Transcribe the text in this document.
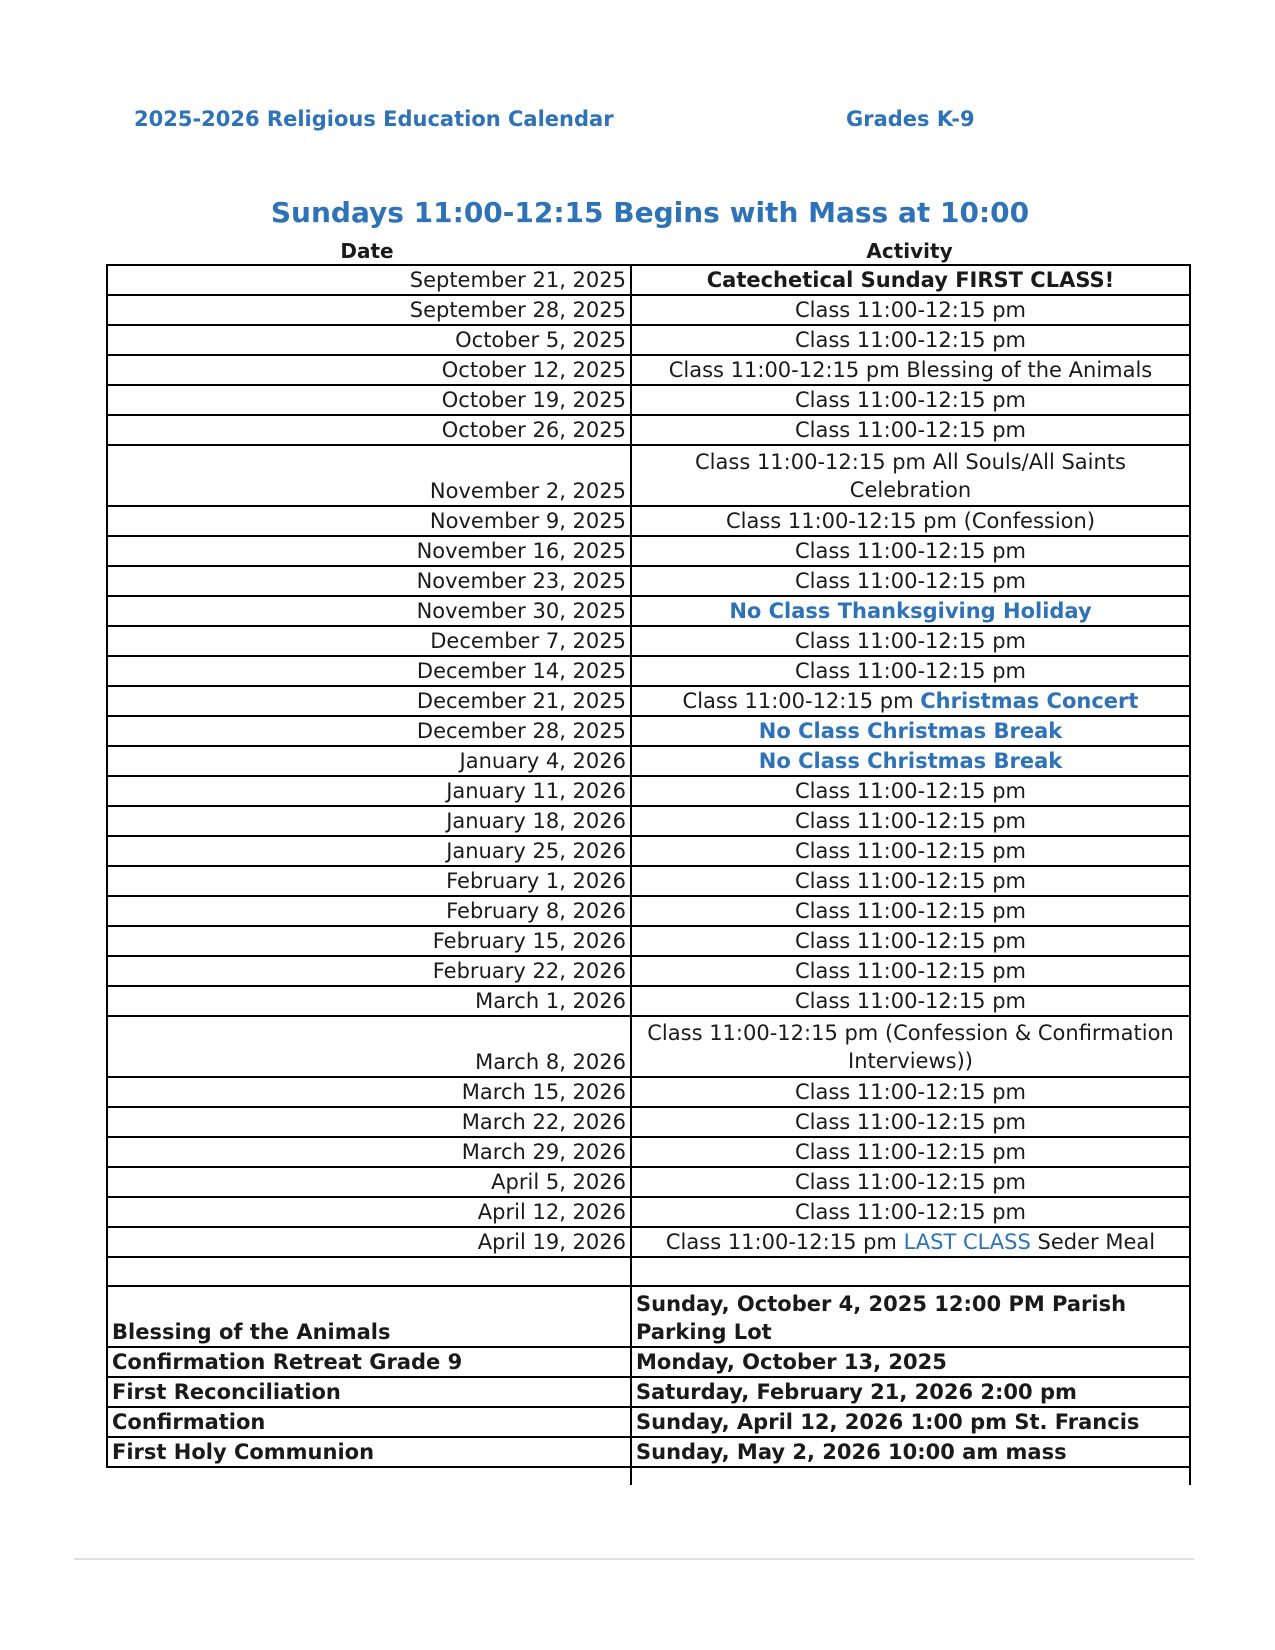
2025-2026 Religious Education Calendar	Grades K-9
Sundays 11:00-12:15 Begins with Mass at 10:00
Date	Activity
September 21, 2025	Catechetical Sunday FIRST CLASS!
September 28, 2025	Class 11:00-12:15 pm
October 5, 2025	Class 11:00-12:15 pm
October 12, 2025	Class 11:00-12:15 pm Blessing of the Animals
October 19, 2025	Class 11:00-12:15 pm
October 26, 2025	Class 11:00-12:15 pm
November 2, 2025	Class 11:00-12:15 pm All Souls/All Saints Celebration
November 9, 2025	Class 11:00-12:15 pm (Confession)
November 16, 2025	Class 11:00-12:15 pm
November 23, 2025	Class 11:00-12:15 pm
November 30, 2025	No Class Thanksgiving Holiday
December 7, 2025	Class 11:00-12:15 pm
December 14, 2025	Class 11:00-12:15 pm
December 21, 2025	Class 11:00-12:15 pm Christmas Concert
December 28, 2025	No Class Christmas Break
January 4, 2026	No Class Christmas Break
January 11, 2026	Class 11:00-12:15 pm
January 18, 2026	Class 11:00-12:15 pm
January 25, 2026	Class 11:00-12:15 pm
February 1, 2026	Class 11:00-12:15 pm
February 8, 2026	Class 11:00-12:15 pm
February 15, 2026	Class 11:00-12:15 pm
February 22, 2026	Class 11:00-12:15 pm
March 1, 2026	Class 11:00-12:15 pm
March 8, 2026	Class 11:00-12:15 pm (Confession & Confirmation Interviews))
March 15, 2026	Class 11:00-12:15 pm
March 22, 2026	Class 11:00-12:15 pm
March 29, 2026	Class 11:00-12:15 pm
April 5, 2026	Class 11:00-12:15 pm
April 12, 2026	Class 11:00-12:15 pm
April 19, 2026	Class 11:00-12:15 pm LAST CLASS Seder Meal

Blessing of the Animals	Sunday, October 4, 2025 12:00 PM Parish Parking Lot
Confirmation Retreat Grade 9	Monday, October 13, 2025
First Reconciliation	Saturday, February 21, 2026 2:00 pm
Confirmation	Sunday, April 12, 2026 1:00 pm St. Francis
First Holy Communion	Sunday, May 2, 2026 10:00 am mass
